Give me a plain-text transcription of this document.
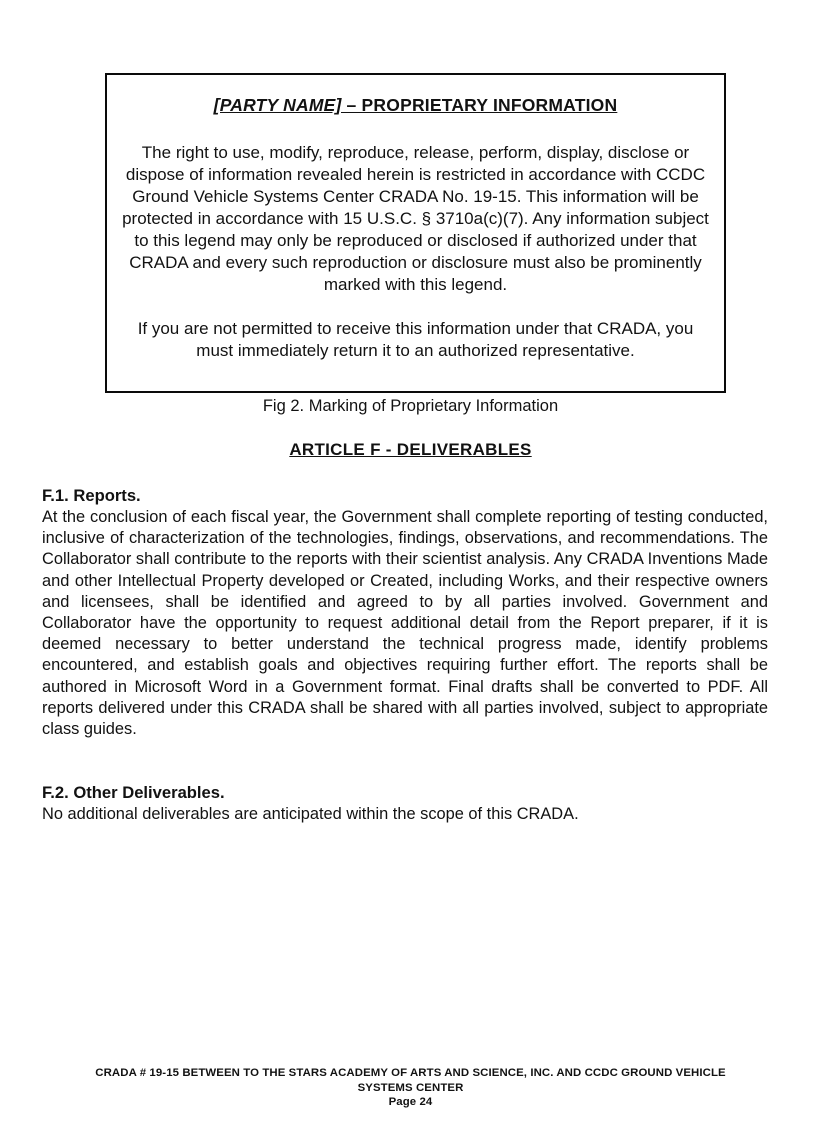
[PARTY NAME] – PROPRIETARY INFORMATION

The right to use, modify, reproduce, release, perform, display, disclose or dispose of information revealed herein is restricted in accordance with CCDC Ground Vehicle Systems Center CRADA No. 19-15. This information will be protected in accordance with 15 U.S.C. § 3710a(c)(7). Any information subject to this legend may only be reproduced or disclosed if authorized under that CRADA and every such reproduction or disclosure must also be prominently marked with this legend.

If you are not permitted to receive this information under that CRADA, you must immediately return it to an authorized representative.

Fig 2. Marking of Proprietary Information
ARTICLE F - DELIVERABLES
F.1. Reports.

At the conclusion of each fiscal year, the Government shall complete reporting of testing conducted, inclusive of characterization of the technologies, findings, observations, and recommendations. The Collaborator shall contribute to the reports with their scientist analysis. Any CRADA Inventions Made and other Intellectual Property developed or Created, including Works, and their respective owners and licensees, shall be identified and agreed to by all parties involved. Government and Collaborator have the opportunity to request additional detail from the Report preparer, if it is deemed necessary to better understand the technical progress made, identify problems encountered, and establish goals and objectives requiring further effort. The reports shall be authored in Microsoft Word in a Government format. Final drafts shall be converted to PDF. All reports delivered under this CRADA shall be shared with all parties involved, subject to appropriate class guides.

F.2. Other Deliverables.

No additional deliverables are anticipated within the scope of this CRADA.

CRADA # 19-15 BETWEEN TO THE STARS ACADEMY OF ARTS AND SCIENCE, INC. AND CCDC GROUND VEHICLE
SYSTEMS CENTER
Page 24
